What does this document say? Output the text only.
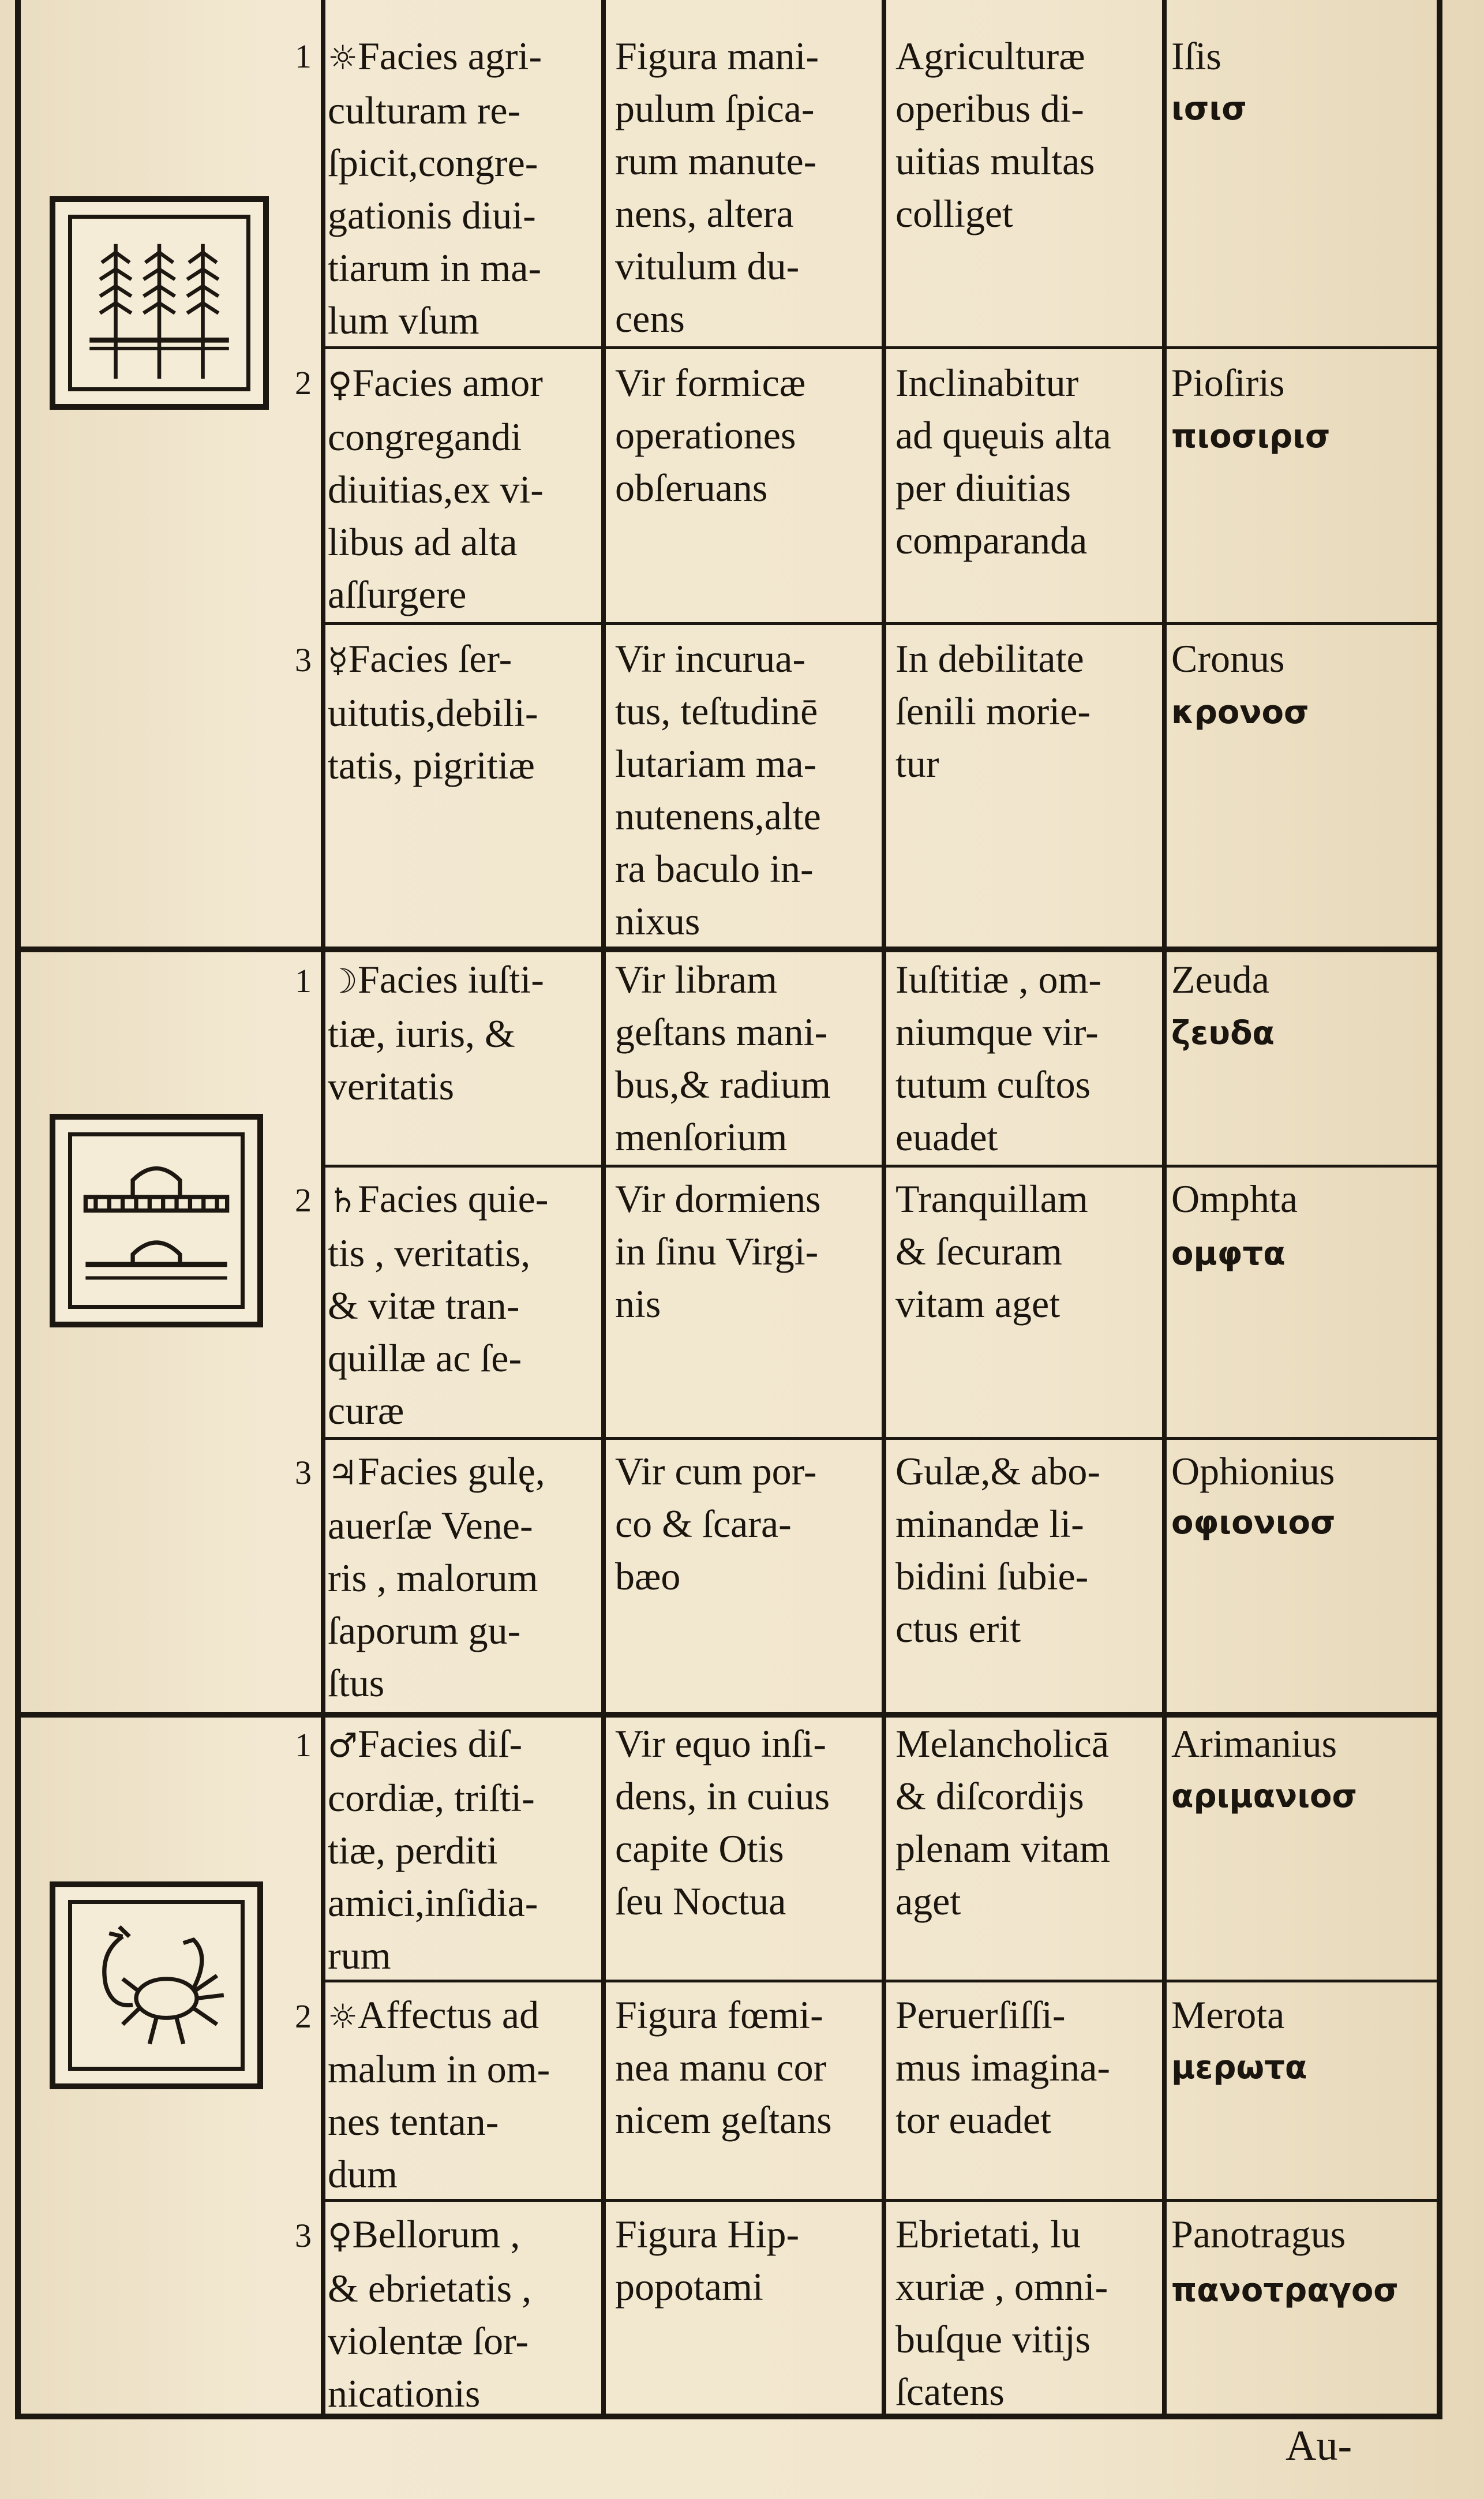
1 ☼Facies agri-
culturam re-
ſpicit,congre-
gationis diui-
tiarum in ma-
lum vſum
Figura mani-
pulum ſpica-
rum manute-
nens, altera
vitulum du-
cens
Agriculturæ
operibus di-
uitias multas
colliget
Iſis
ισισ
2 ♀Facies amor
congregandi
diuitias,ex vi-
libus ad alta
aſſurgere
Vir formicæ
operationes
obſeruans
Inclinabitur
ad quęuis alta
per diuitias
comparanda
Pioſiris
πιοσιρισ
3 ☿Facies ſer-
uitutis,debili-
tatis, pigritiæ
Vir incurua-
tus, teſtudinē
lutariam ma-
nutenens,alte
ra baculo in-
nixus
In debilitate
ſenili morie-
tur
Cronus
κρονοσ
1 ☽Facies iuſti-
tiæ, iuris, &
veritatis
Vir libram
geſtans mani-
bus,& radium
menſorium
Iuſtitiæ , om-
niumque vir-
tutum cuſtos
euadet
Zeuda
ζευδα
2 ♄Facies quie-
tis , veritatis,
& vitæ tran-
quillæ ac ſe-
curæ
Vir dormiens
in ſinu Virgi-
nis
Tranquillam
& ſecuram
vitam aget
Omphta
ομφτα
3 ♃Facies gulę,
auerſæ Vene-
ris , malorum
ſaporum gu-
ſtus
Vir cum por-
co & ſcara-
bæo
Gulæ,& abo-
minandæ li-
bidini ſubie-
ctus erit
Ophionius
οφιονιοσ
1 ♂Facies diſ-
cordiæ, triſti-
tiæ, perditi
amici,inſidia-
rum
Vir equo inſi-
dens, in cuius
capite Otis
ſeu Noctua
Melancholicā
& diſcordijs
plenam vitam
aget
Arimanius
αριμανιοσ
2 ☼Affectus ad
malum in om-
nes tentan-
dum
Figura fœmi-
nea manu cor
nicem geſtans
Peruerſiſſi-
mus imagina-
tor euadet
Merota
μερωτα
3 ♀Bellorum ,
& ebrietatis ,
violentæ ſor-
nicationis
Figura Hip-
popotami
Ebrietati, lu
xuriæ , omni-
buſque vitijs
ſcatens
Panotragus
πανοτραγοσ
Au-
